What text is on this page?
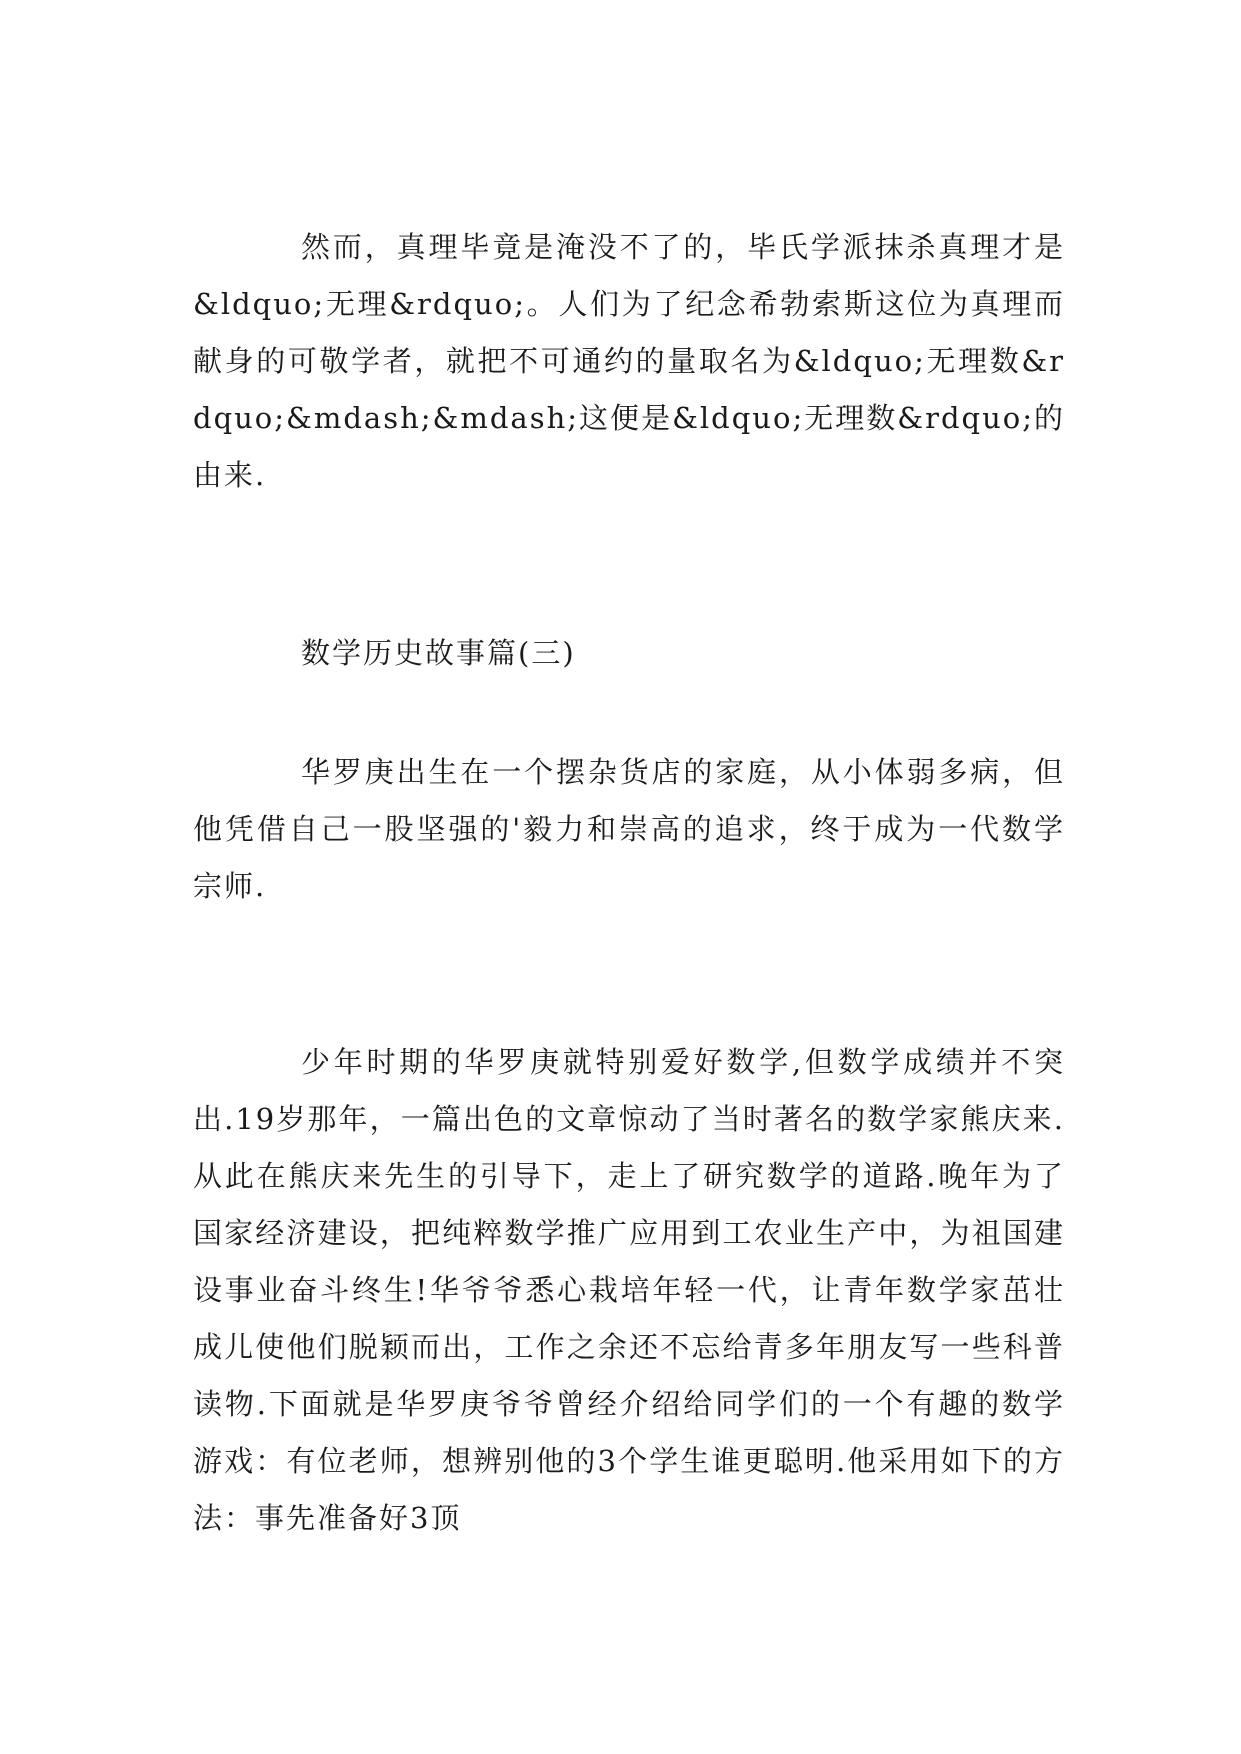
然而，真理毕竟是淹没不了的，毕氏学派抹杀真理才是&ldquo;无理&rdquo;。人们为了纪念希勃索斯这位为真理而献身的可敬学者，就把不可通约的量取名为&ldquo;无理数&rdquo;&mdash;&mdash;这便是&ldquo;无理数&rdquo;的由来.

数学历史故事篇(三)

华罗庚出生在一个摆杂货店的家庭，从小体弱多病，但他凭借自己一股坚强的'毅力和崇高的追求，终于成为一代数学宗师.

少年时期的华罗庚就特别爱好数学,但数学成绩并不突出.19岁那年，一篇出色的文章惊动了当时著名的数学家熊庆来.从此在熊庆来先生的引导下，走上了研究数学的道路.晚年为了国家经济建设，把纯粹数学推广应用到工农业生产中，为祖国建设事业奋斗终生!华爷爷悉心栽培年轻一代，让青年数学家茁壮成儿使他们脱颖而出，工作之余还不忘给青多年朋友写一些科普读物.下面就是华罗庚爷爷曾经介绍给同学们的一个有趣的数学游戏：有位老师，想辨别他的3个学生谁更聪明.他采用如下的方法：事先准备好3顶
